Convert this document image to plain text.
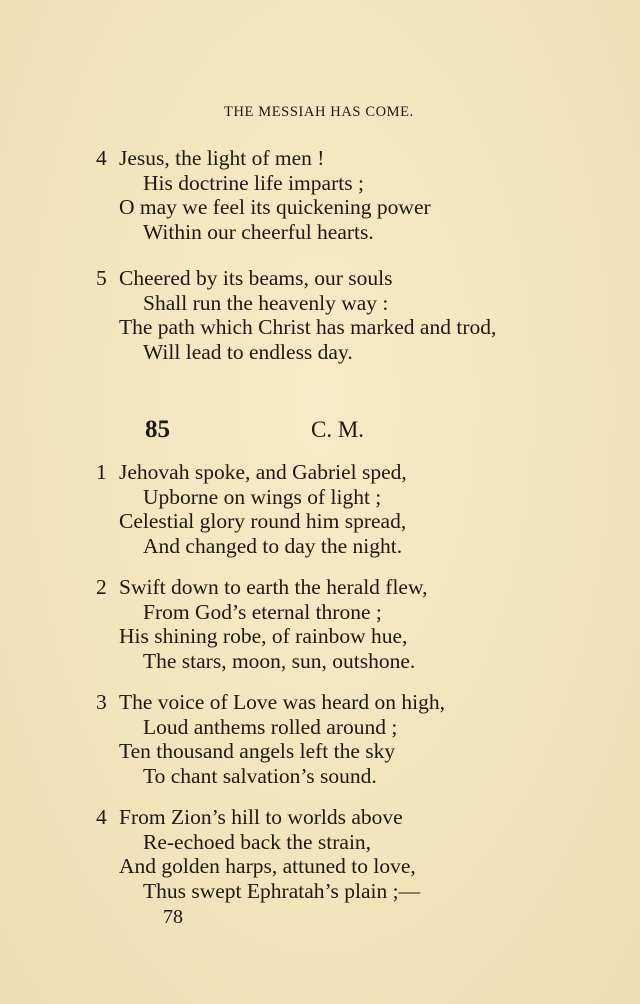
THE MESSIAH HAS COME.
4 Jesus, the light of men !
His doctrine life imparts ;
O may we feel its quickening power
Within our cheerful hearts.
5 Cheered by its beams, our souls
Shall run the heavenly way :
The path which Christ has marked and trod,
Will lead to endless day.
85	C. M.
1 Jehovah spoke, and Gabriel sped,
Upborne on wings of light ;
Celestial glory round him spread,
And changed to day the night.
2 Swift down to earth the herald flew,
From God’s eternal throne ;
His shining robe, of rainbow hue,
The stars, moon, sun, outshone.
3 The voice of Love was heard on high,
Loud anthems rolled around ;
Ten thousand angels left the sky
To chant salvation’s sound.
4 From Zion’s hill to worlds above
Re-echoed back the strain,
And golden harps, attuned to love,
Thus swept Ephratah’s plain ;—
78
